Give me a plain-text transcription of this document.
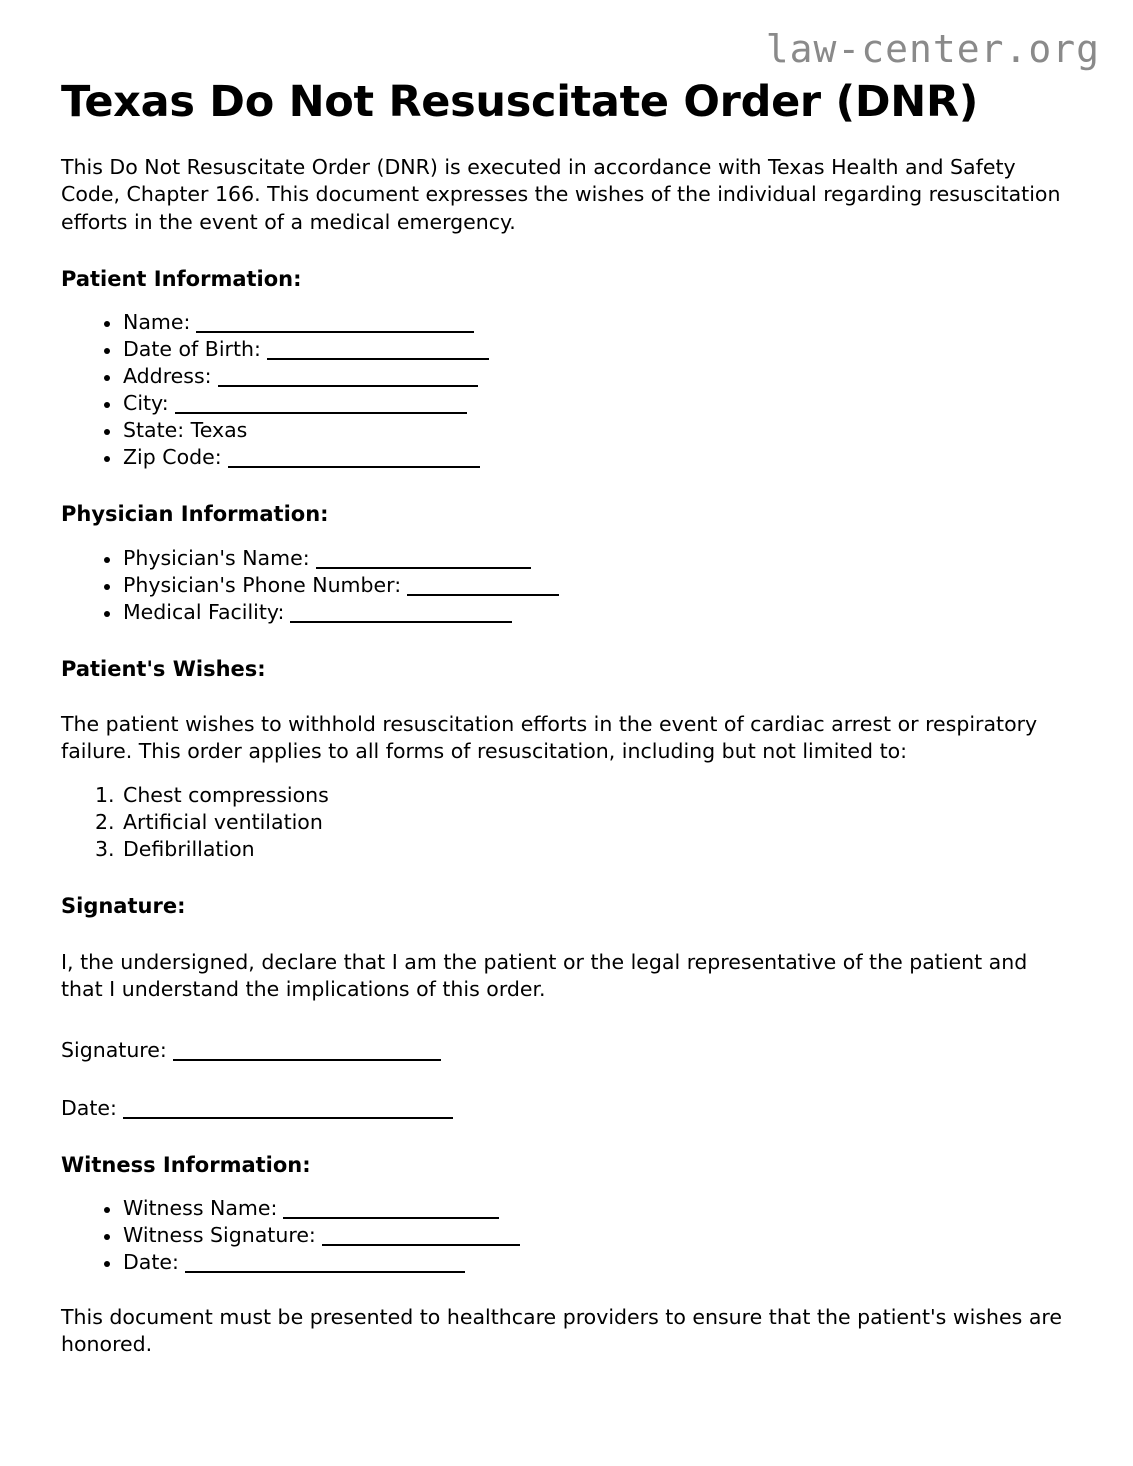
law-center.org
Texas Do Not Resuscitate Order (DNR)

This Do Not Resuscitate Order (DNR) is executed in accordance with Texas Health and Safety Code, Chapter 166. This document expresses the wishes of the individual regarding resuscitation efforts in the event of a medical emergency.

Patient Information:
Name:
Date of Birth:
Address:
City:
State: Texas
Zip Code:
Physician Information:
Physician's Name:
Physician's Phone Number:
Medical Facility:
Patient's Wishes:

The patient wishes to withhold resuscitation efforts in the event of cardiac arrest or respiratory failure. This order applies to all forms of resuscitation, including but not limited to:

Chest compressions
Artificial ventilation
Defibrillation
Signature:

I, the undersigned, declare that I am the patient or the legal representative of the patient and that I understand the implications of this order.

Signature:
Date:
Witness Information:
Witness Name:
Witness Signature:
Date:

This document must be presented to healthcare providers to ensure that the patient's wishes are honored.
